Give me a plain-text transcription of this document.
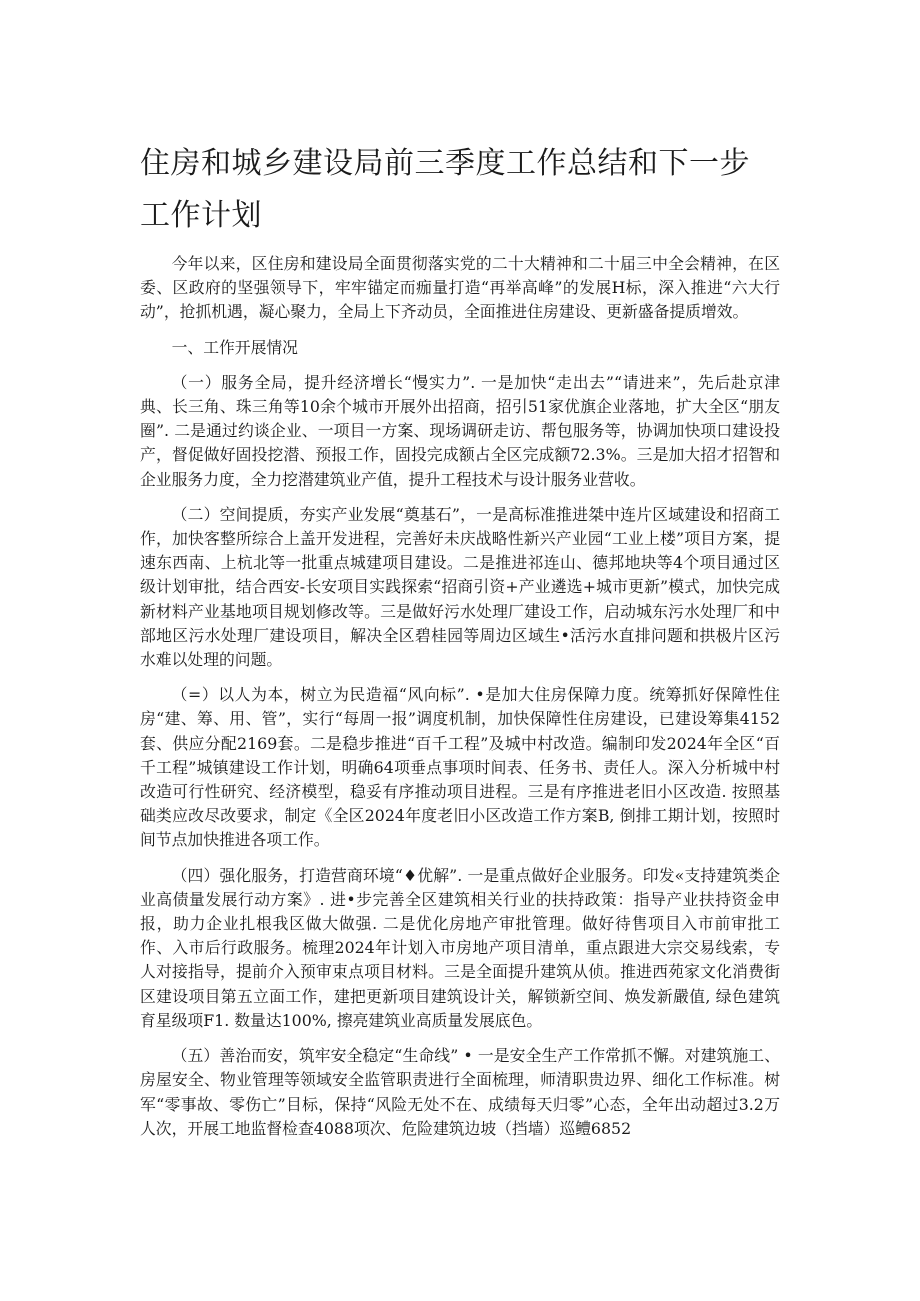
住房和城乡建设局前三季度工作总结和下一步工作计划

今年以来，区住房和建设局全面贯彻落实党的二十大精神和二十届三中全会精神，在区委、区政府的坚强领导下，牢牢锚定而痂量打造“再举高峰”的发展H标，深入推进“六大行动”，抢抓机遇，凝心聚力，全局上下齐动员，全面推进住房建设、更新盛备提质增效。

一、工作开展情况

（一）服务全局，提升经济增长“慢实力”. 一是加快“走出去”“请进来”，先后赴京津典、长三角、珠三角等10余个城市开展外出招商，招引51家优旗企业落地，扩大全区“朋友圈”. 二是通过约谈企业、一项目一方案、现场调研走访、帮包服务等，协调加快项口建设投产，督促做好固投挖潜、预报工作，固投完成额占全区完成额72.3%。三是加大招才招智和企业服务力度，全力挖潜建筑业产值，提升工程技术与设计服务业营收。

（二）空间提质，夯实产业发展“奠基石”，一是高标准推进桀中连片区域建设和招商工作，加快客整所综合上盖开发进程，完善好未庆战略性新兴产业园“工业上楼”项目方案，提速东西南、上杭北等一批重点城建项目建设。二是推进祁连山、德邦地块等4个项目通过区级计划审批，结合西安-长安项目实践探索“招商引资+产业遴选+城市更新”模式，加快完成新材料产业基地项目规划修改等。三是做好污水处理厂建设工作，启动城东污水处理厂和中部地区污水处理厂建设项目，解决全区碧桂园等周边区域生•活污水直排问题和拱极片区污水难以处理的问题。

（=）以人为本，树立为民造福“风向标”. •是加大住房保障力度。统筹抓好保障性住房“建、筹、用、管”，实行“每周一报”调度机制，加快保障性住房建设，已建设筹集4152套、供应分配2169套。二是稳步推进“百千工程”及城中村改造。编制印发2024年全区“百千工程”城镇建设工作计划，明确64项垂点事项时间表、任务书、责任人。深入分析城中村改造可行性研究、经济模型，稳妥有序推动项目进程。三是有序推进老旧小区改造. 按照基础类应改尽改要求，制定《全区2024年度老旧小区改造工作方案B, 倒排工期计划，按照时间节点加快推进各项工作。

（四）强化服务，打造营商环境“♦优解”. 一是重点做好企业服务。印发«支持建筑类企业高债量发展行动方案》. 进•步完善全区建筑相关行业的扶持政策：指导产业扶持资金申报，助力企业扎根我区做大做强. 二是优化房地产审批管理。做好待售项目入市前审批工作、入市后行政服务。梳理2024年计划入市房地产项目清单，重点跟进大宗交易线索，专人对接指导，提前介入预审束点项目材料。三是全面提升建筑从侦。推进西苑家文化消费街区建设项目第五立面工作，建把更新项目建筑设计关，解锁新空间、焕发新嚴值, 绿色建筑育星级项F1. 数量达100%, 擦亮建筑业高质量发展底色。

（五）善治而安，筑牢安全稳定“生命线” • 一是安全生产工作常抓不懈。对建筑施工、房屋安全、物业管理等领域安全监管职责进行全面梳理，师清职贵边界、细化工作标准。树军“零事故、零伤亡”目标，保持“风险无处不在、成绩每天归零”心态，全年出动超过3.2万人次，开展工地监督检查4088项次、危险建筑边坡（挡墙）巡鳢6852
